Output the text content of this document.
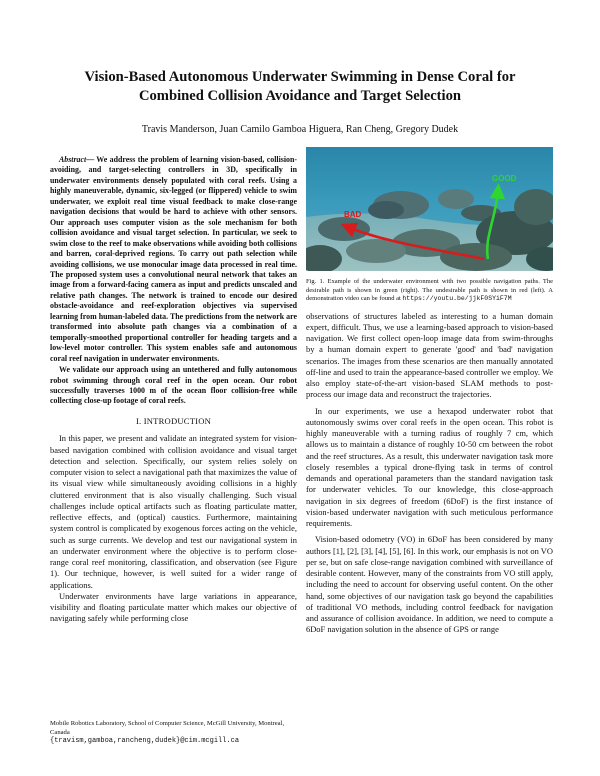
Vision-Based Autonomous Underwater Swimming in Dense Coral for
Combined Collision Avoidance and Target Selection
Travis Manderson, Juan Camilo Gamboa Higuera, Ran Cheng, Gregory Dudek

Abstract— We address the problem of learning vision-based, collision-avoiding, and target-selecting controllers in 3D, specifically in underwater environments densely populated with coral reefs. Using a highly maneuverable, dynamic, six-legged (or flippered) vehicle to swim underwater, we exploit real time visual feedback to make close-range navigation decisions that would be hard to achieve with other sensors. Our approach uses computer vision as the sole mechanism for both collision avoidance and visual target selection. In particular, we seek to swim close to the reef to make observations while avoiding both collisions and barren, coral-deprived regions. To carry out path selection while avoiding collisions, we use monocular image data processed in real time. The proposed system uses a convolutional neural network that takes an image from a forward-facing camera as input and predicts unscaled and relative path changes. The network is trained to encode our desired obstacle-avoidance and reef-exploration objectives via supervised learning from human-labeled data. The predictions from the network are transformed into absolute path changes via a combination of a temporally-smoothed proportional controller for heading targets and a low-level motor controller. This system enables safe and autonomous coral reef navigation in underwater environments.

We validate our approach using an untethered and fully autonomous robot swimming through coral reef in the open ocean. Our robot successfully traverses 1000 m of the ocean floor collision-free while collecting close-up footage of coral reefs.

I. INTRODUCTION

In this paper, we present and validate an integrated system for vision-based navigation combined with collision avoidance and visual target detection and selection. Specifically, our system relies solely on computer vision to select a navigational path that maximizes the value of its visual view while simultaneously avoiding collisions in a highly cluttered environment that is also visually challenging. Such visual challenges include optical artifacts such as floating particulate matter, reflective effects, and (optical) caustics. Furthermore, maintaining system control is complicated by exogenous forces acting on the vehicle, such as surge currents. We develop and test our navigational system in an underwater environment where the objective is to perform close-range coral reef monitoring, classification, and observation (see Figure 1). Our technique, however, is well suited for a wider range of applications.

Underwater environments have large variations in appearance, visibility and floating particulate matter which makes our objective of navigating safely while performing close

Mobile Robotics Laboratory, School of Computer Science, McGill University, Montreal, Canada
{travism,gamboa,rancheng,dudek}@cim.mcgill.ca
GOOD
BAD
Fig. 1. Example of the underwater environment with two possible navigation paths. The desirable path is shown in green (right). The undesirable path is shown in red (left). A demonstration video can be found at https://youtu.be/jjkF0SYiF7M

observations of structures labeled as interesting to a human domain expert, difficult. Thus, we use a learning-based approach to vision-based navigation. We first collect open-loop image data from swim-throughs by a human domain expert to generate 'good' and 'bad' navigation scenarios. The images from these scenarios are then manually annotated off-line and used to train the appearance-based controller we employ. We also employ state-of-the-art vision-based SLAM methods to post-process our image data and reconstruct the trajectories.

In our experiments, we use a hexapod underwater robot that autonomously swims over coral reefs in the open ocean. This robot is highly maneuverable with a turning radius of roughly 7 cm, which allows us to maintain a distance of roughly 10-50 cm between the robot and the reef structures. As a result, this underwater navigation task more closely resembles a typical drone-flying task in terms of control demands and operational parameters than the standard navigation task for underwater vehicles. To our knowledge, this close-approach navigation in six degrees of freedom (6DoF) is the first instance of vision-based underwater navigation with such meticulous performance requirements.

Vision-based odometry (VO) in 6DoF has been considered by many authors [1], [2], [3], [4], [5], [6]. In this work, our emphasis is not on VO per se, but on safe close-range navigation combined with surveillance of desirable content. However, many of the constraints from VO still apply, including the need to account for observing useful content. On the other hand, some objectives of our navigation task go beyond the capabilities of traditional VO methods, including control feedback for navigation and assurance of collision avoidance. In addition, we need to compute a 6DoF navigation solution in the absence of GPS or range
